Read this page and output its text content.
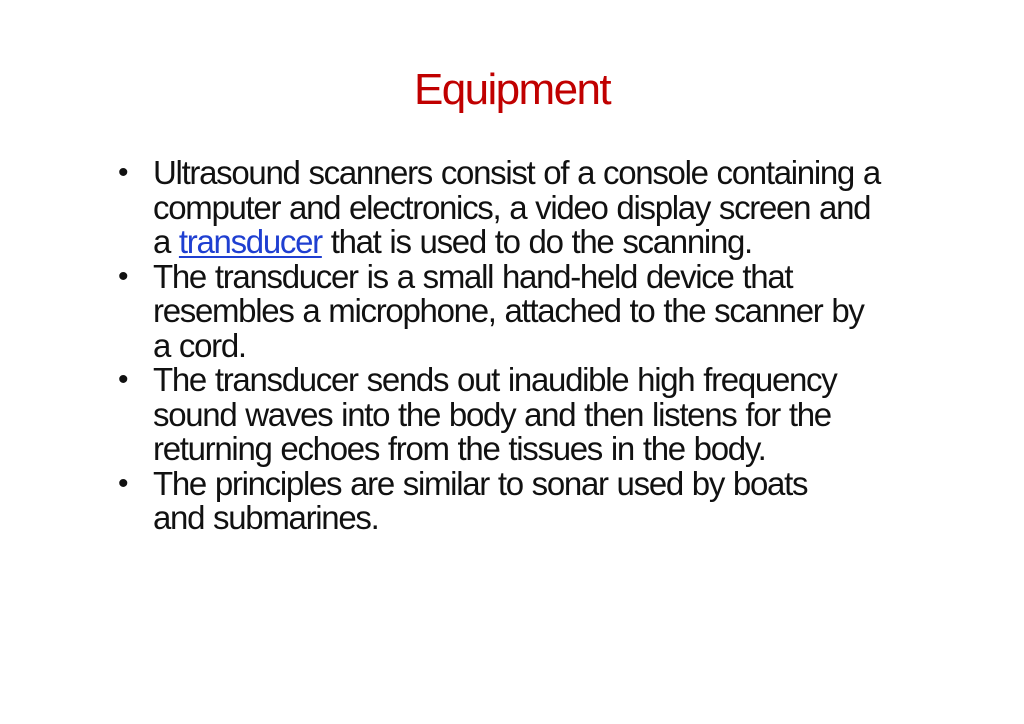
Equipment
• Ultrasound scanners consist of a console containing a
computer and electronics, a video display screen and
a transducer that is used to do the scanning.
• The transducer is a small hand-held device that
resembles a microphone, attached to the scanner by
a cord.
• The transducer sends out inaudible high frequency
sound waves into the body and then listens for the
returning echoes from the tissues in the body.
• The principles are similar to sonar used by boats
and submarines.
